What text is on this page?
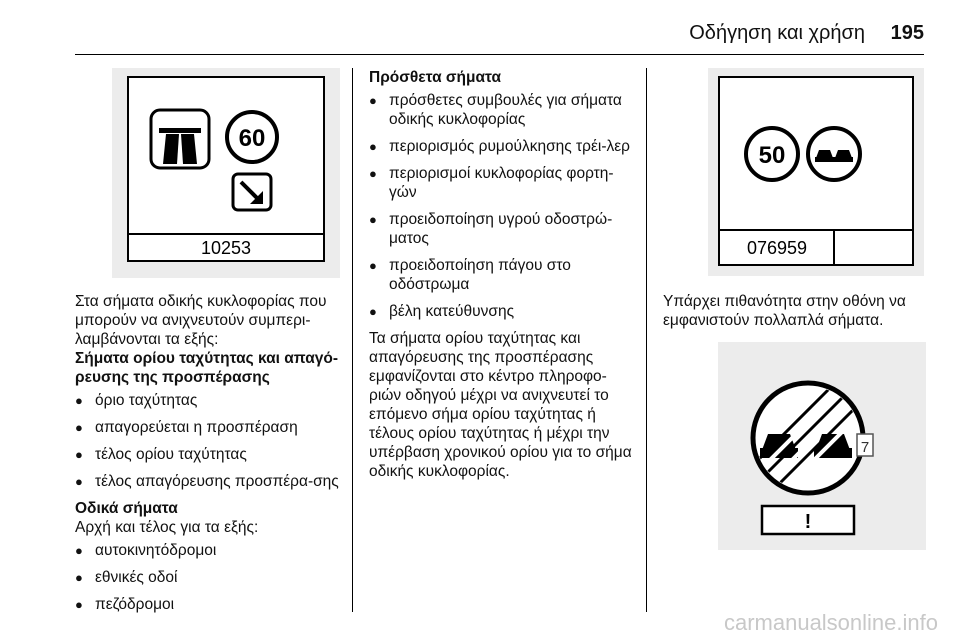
Οδήγηση και χρήση 195
60
10253

Στα σήματα οδικής κυκλοφορίας που μπορούν να ανιχνευτούν συμπερι-λαμβάνονται τα εξής:

Σήματα ορίου ταχύτητας και απαγό-ρευσης της προσπέρασης

● όριο ταχύτητας
● απαγορεύεται η προσπέραση
● τέλος ορίου ταχύτητας
● τέλος απαγόρευσης προσπέρα-σης

Οδικά σήματα

Αρχή και τέλος για τα εξής:

● αυτοκινητόδρομοι
● εθνικές οδοί
● πεζόδρομοι

Πρόσθετα σήματα

● πρόσθετες συμβουλές για σήματα οδικής κυκλοφορίας
● περιορισμός ρυμούλκησης τρέι-λερ
● περιορισμοί κυκλοφορίας φορτη-γών
● προειδοποίηση υγρού οδοστρώ-ματος
● προειδοποίηση πάγου στο οδόστρωμα
● βέλη κατεύθυνσης

Τα σήματα ορίου ταχύτητας και απαγόρευσης της προσπέρασης εμφανίζονται στο κέντρο πληροφο-ριών οδηγού μέχρι να ανιχνευτεί το επόμενο σήμα ορίου ταχύτητας ή τέλους ορίου ταχύτητας ή μέχρι την υπέρβαση χρονικού ορίου για το σήμα οδικής κυκλοφορίας.

50
076959

Υπάρχει πιθανότητα στην οθόνη να εμφανιστούν πολλαπλά σήματα.

7
!
carmanualsonline.info
